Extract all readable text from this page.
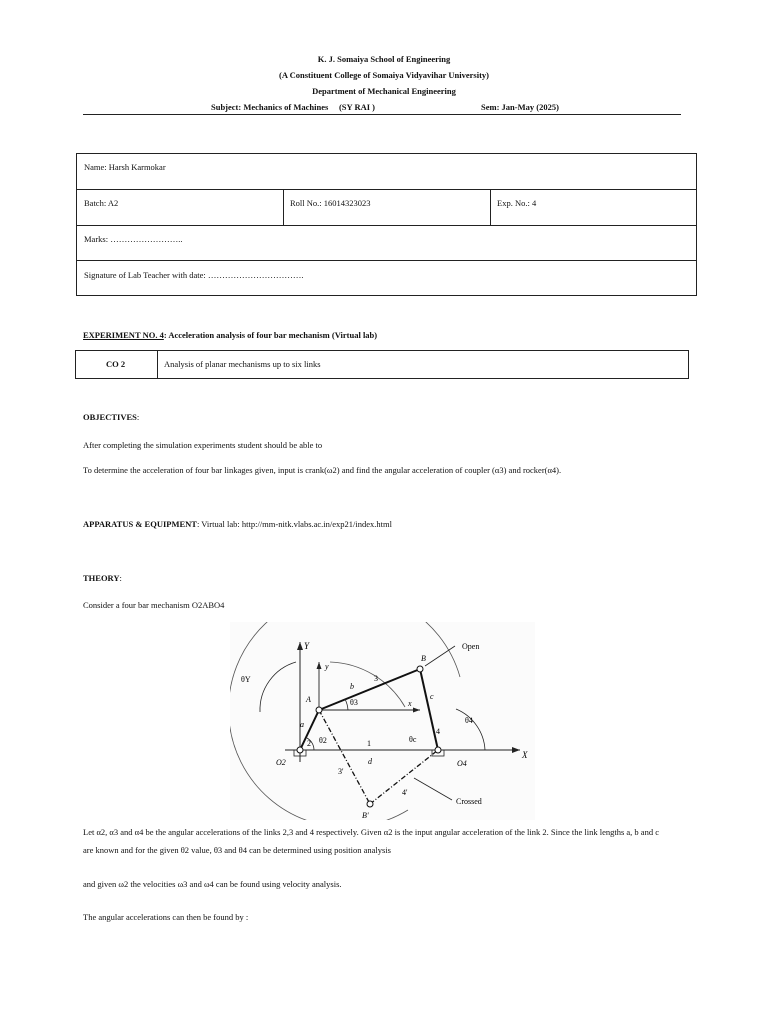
K. J. Somaiya School of Engineering
(A Constituent College of Somaiya Vidyavihar University)
Department of Mechanical Engineering
Subject: Mechanics of Machines     (SY RAI )	Sem: Jan-May (2025)
Name: Harsh Karmokar
Batch: A2	Roll No.: 16014323023	Exp. No.: 4
Marks: ……………………..
Signature of Lab Teacher with date: …………………………….
EXPERIMENT NO. 4: Acceleration analysis of four bar mechanism (Virtual lab)
CO 2	Analysis of planar mechanisms up to six links
OBJECTIVES:
After completing the simulation experiments student should be able to
To determine the acceleration of four bar linkages given, input is crank(ω2) and find the angular acceleration of coupler (α3) and rocker(α4).
APPARATUS & EQUIPMENT: Virtual lab: http://mm-nitk.vlabs.ac.in/exp21/index.html
THEORY:
Consider a four bar mechanism O2ABO4
Y
y
X
x
A
B
B'
O2	O4
a
b
c
d
1
2
3
4
3'
4'
θY
θ2
θ3
θ4
θc
Open
Crossed
Let α2, α3 and α4 be the angular accelerations of the links 2,3 and 4 respectively. Given α2 is the input angular acceleration of the link 2. Since the link lengths a, b and c
are known and for the given θ2 value, θ3 and θ4 can be determined using position analysis
and given ω2 the velocities ω3 and ω4 can be found using velocity analysis.
The angular accelerations can then be found by :
